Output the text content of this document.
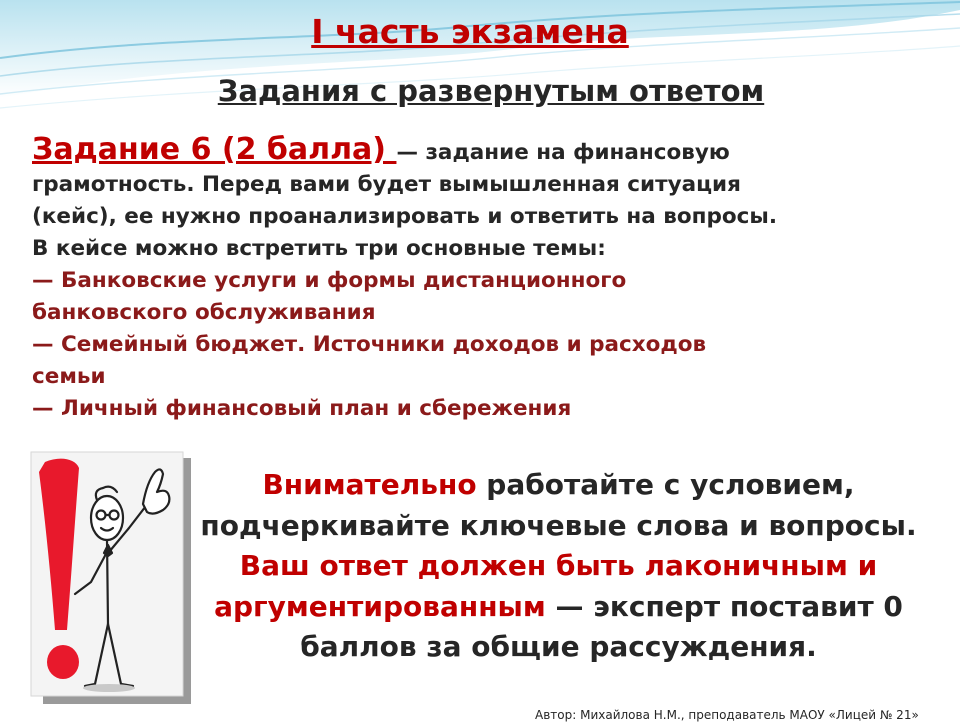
I часть экзамена
Задания с развернутым ответом
Задание 6 (2 балла) — задание на финансовую
грамотность. Перед вами будет вымышленная ситуация
(кейс), ее нужно проанализировать и ответить на вопросы.
В кейсе можно встретить три основные темы:
— Банковские услуги и формы дистанционного
банковского обслуживания
— Семейный бюджет. Источники доходов и расходов
семьи
— Личный финансовый план и сбережения
Внимательно работайте с условием, подчеркивайте ключевые слова и вопросы. Ваш ответ должен быть лаконичным и аргументированным — эксперт поставит 0 баллов за общие рассуждения.
Автор: Михайлова Н.М., преподаватель МАОУ «Лицей № 21»
